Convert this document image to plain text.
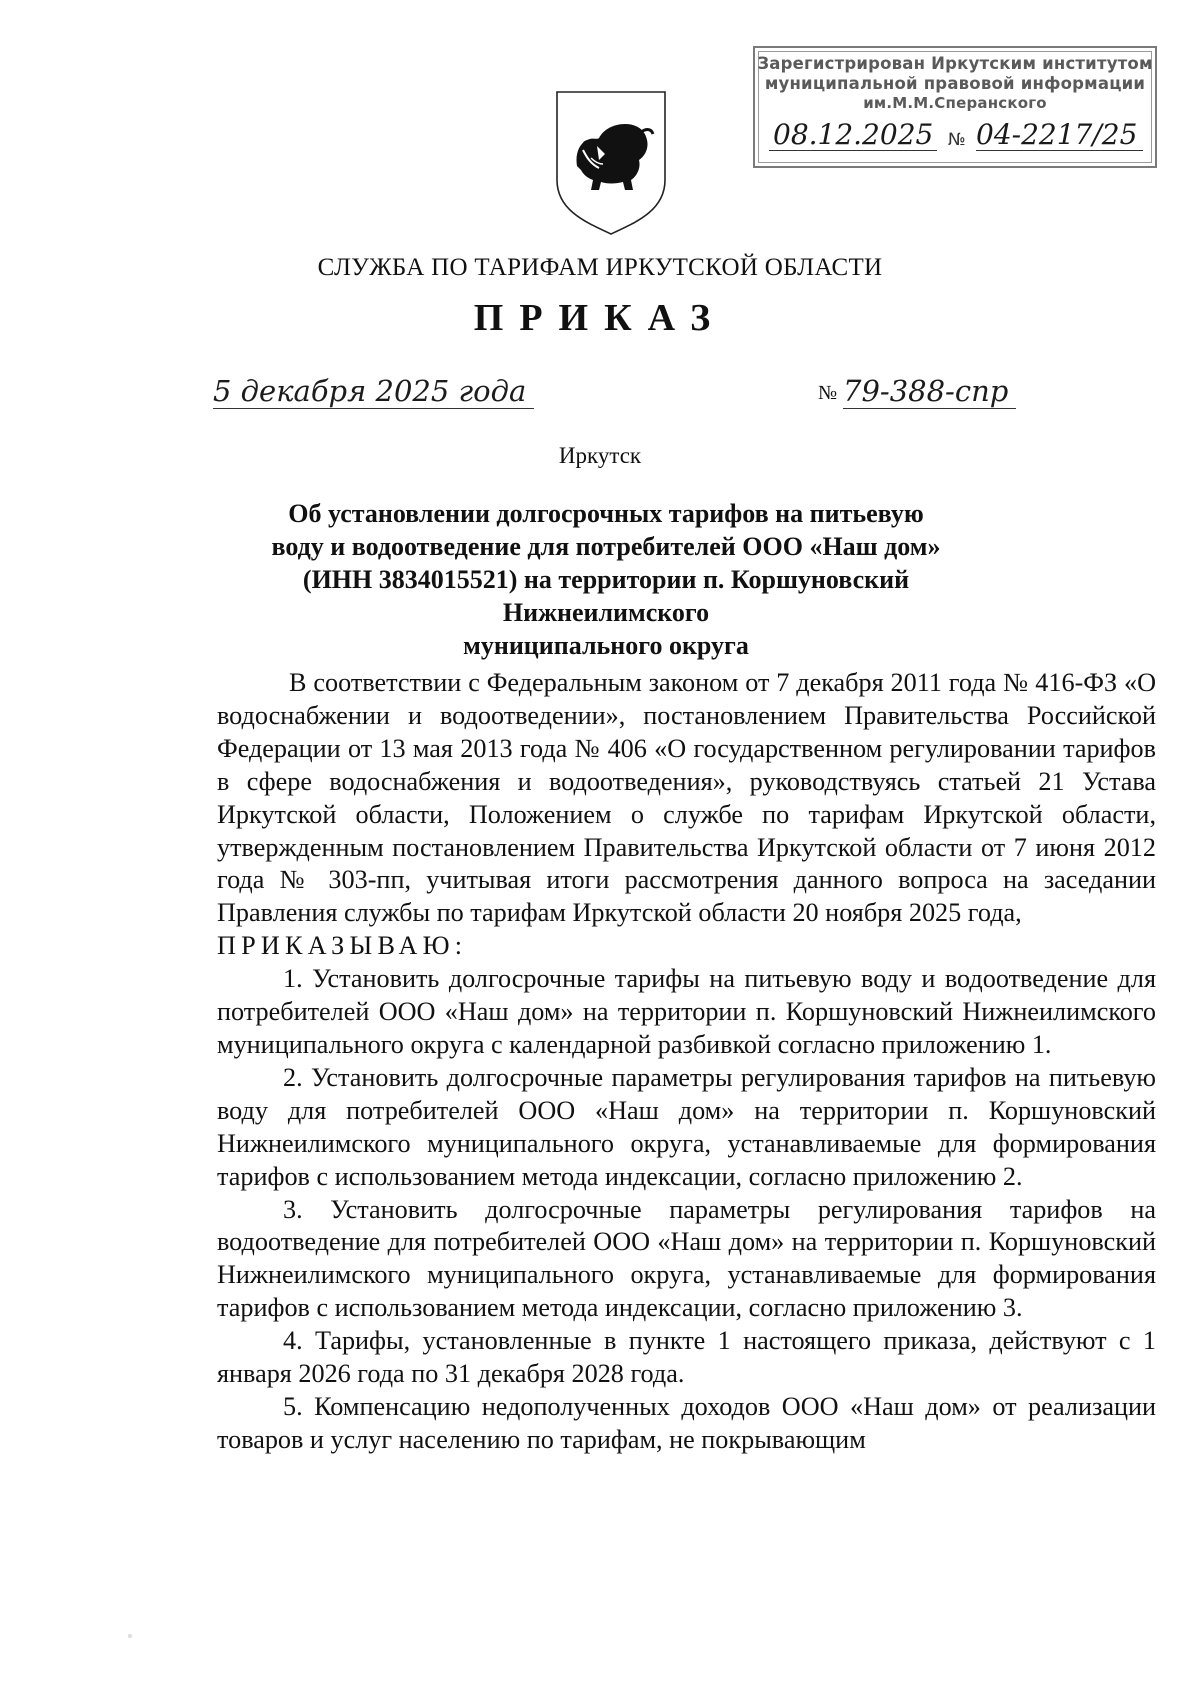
Зарегистрирован Иркутским институтом
муниципальной правовой информации
им.М.М.Сперанского
08.12.2025 № 04-2217/25
СЛУЖБА ПО ТАРИФАМ ИРКУТСКОЙ ОБЛАСТИ
ПРИКАЗ
5 декабря 2025 года	№ 79-388-спр
Иркутск
Об установлении долгосрочных тарифов на питьевую
воду и водоотведение для потребителей ООО «Наш дом»
(ИНН 3834015521) на территории п. Коршуновский Нижнеилимского
муниципального округа

В соответствии с Федеральным законом от 7 декабря 2011 года № 416-ФЗ «О водоснабжении и водоотведении», постановлением Правительства Российской Федерации от 13 мая 2013 года № 406 «О государственном регулировании тарифов в сфере водоснабжения и водоотведения», руководствуясь статьей 21 Устава Иркутской области, Положением о службе по тарифам Иркутской области, утвержденным постановлением Правительства Иркутской области от 7 июня 2012 года № 303-пп, учитывая итоги рассмотрения данного вопроса на заседании Правления службы по тарифам Иркутской области 20 ноября 2025 года,

ПРИКАЗЫВАЮ:

1. Установить долгосрочные тарифы на питьевую воду и водоотведение для потребителей ООО «Наш дом» на территории п. Коршуновский Нижнеилимского муниципального округа с календарной разбивкой согласно приложению 1.

2. Установить долгосрочные параметры регулирования тарифов на питьевую воду для потребителей ООО «Наш дом» на территории п. Коршуновский Нижнеилимского муниципального округа, устанавливаемые для формирования тарифов с использованием метода индексации, согласно приложению 2.

3. Установить долгосрочные параметры регулирования тарифов на водоотведение для потребителей ООО «Наш дом» на территории п. Коршуновский Нижнеилимского муниципального округа, устанавливаемые для формирования тарифов с использованием метода индексации, согласно приложению 3.

4. Тарифы, установленные в пункте 1 настоящего приказа, действуют с 1 января 2026 года по 31 декабря 2028 года.

5. Компенсацию недополученных доходов ООО «Наш дом» от реализации товаров и услуг населению по тарифам, не покрывающим
